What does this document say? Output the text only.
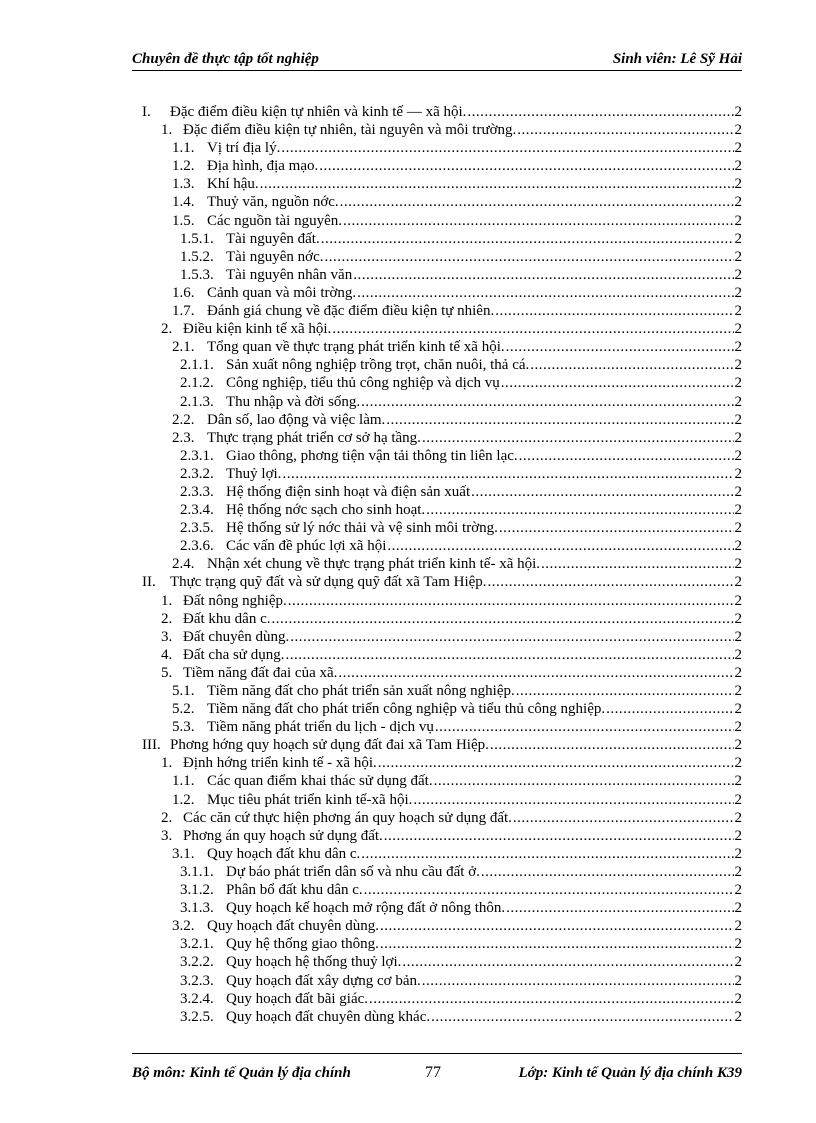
Chuyên đề thực tập tốt nghiệp	Sinh viên: Lê Sỹ Hải
I.	Đặc điểm điều kiện tự nhiên và kinh tế — xã hội. .....	2
1. Đặc điểm điều kiện tự nhiên, tài nguyên và môi trường. .....	2
1.1. Vị trí địa lý. .....	2
1.2. Địa hình, địa mạo. .....	2
1.3. Khí hậu. .....	2
1.4. Thuỷ văn, nguồn nớc. .....	2
1.5. Các nguồn tài nguyên. .....	2
1.5.1. Tài nguyên đất. .....	2
1.5.2. Tài nguyên nớc. .....	2
1.5.3. Tài nguyên nhân văn .....	2
1.6. Cảnh quan và môi trờng. .....	2
1.7. Đánh giá chung về đặc điểm điều kiện tự nhiên. .....	2
2. Điều kiện kinh tế xã hội. .....	2
2.1. Tổng quan về thực trạng phát triển kinh tế xã hội. .....	2
2.1.1. Sản xuất nông nghiệp trồng trọt, chăn nuôi, thả cá. .....	2
2.1.2. Công nghiệp, tiểu thủ công nghiệp và dịch vụ .....	2
2.1.3. Thu nhập và đời sống. .....	2
2.2. Dân số, lao động và việc làm. .....	2
2.3. Thực trạng phát triển cơ sở hạ tầng. .....	2
2.3.1. Giao thông, phơng tiện vận tải thông tin liên lạc. .....	2
2.3.2. Thuỷ lợi. .....	2
2.3.3. Hệ thống điện sinh hoạt và điện sản xuất .....	2
2.3.4. Hệ thống nớc sạch cho sinh hoạt. .....	2
2.3.5. Hệ thống sử lý nớc thải và vệ sinh môi trờng. .....	2
2.3.6. Các vấn đề phúc lợi xã hội .....	2
2.4. Nhận xét chung về thực trạng phát triển kinh tế- xã hội. .....	2
II. Thực trạng quỹ đất và sử dụng quỹ đất xã Tam Hiệp. .....	2
1. Đất nông nghiệp. .....	2
2. Đất khu dân c. .....	2
3. Đất chuyên dùng. .....	2
4. Đất cha sử dụng. .....	2
5. Tiềm năng đất đai của xã. .....	2
5.1. Tiềm năng đất cho phát triển sản xuất nông nghiệp. .....	2
5.2. Tiềm năng đất cho phát triển công nghiệp và tiểu thủ công nghiệp. .....	2
5.3. Tiềm năng phát triển du lịch - dịch vụ .....	2
III. Phơng hớng quy hoạch sử dụng đất đai xã Tam Hiệp. .....	2
1. Định hớng triển kinh tế - xã hội. .....	2
1.1. Các quan điểm khai thác sử dụng đất. .....	2
1.2. Mục tiêu phát triển kinh tế-xã hội. .....	2
2. Các căn cứ thực hiện phơng án quy hoạch sử dụng đất. .....	2
3. Phơng án quy hoạch sử dụng đất. .....	2
3.1. Quy hoạch đất khu dân c. .....	2
3.1.1. Dự báo phát triển dân số và nhu cầu đất ở. .....	2
3.1.2. Phân bổ đất khu dân c. .....	2
3.1.3. Quy hoạch kế hoạch mở rộng đất ở nông thôn. .....	2
3.2. Quy hoạch đất chuyên dùng. .....	2
3.2.1. Quy hệ thống giao thông. .....	2
3.2.2. Quy hoạch hệ thống thuỷ lợi. .....	2
3.2.3. Quy hoạch đất xây dựng cơ bản. .....	2
3.2.4. Quy hoạch đất bãi giác. .....	2
3.2.5. Quy hoạch đất chuyên dùng khác. .....	2
Bộ môn: Kinh tế Quản lý địa chính	77	Lớp: Kinh tế Quản lý địa chính K39
